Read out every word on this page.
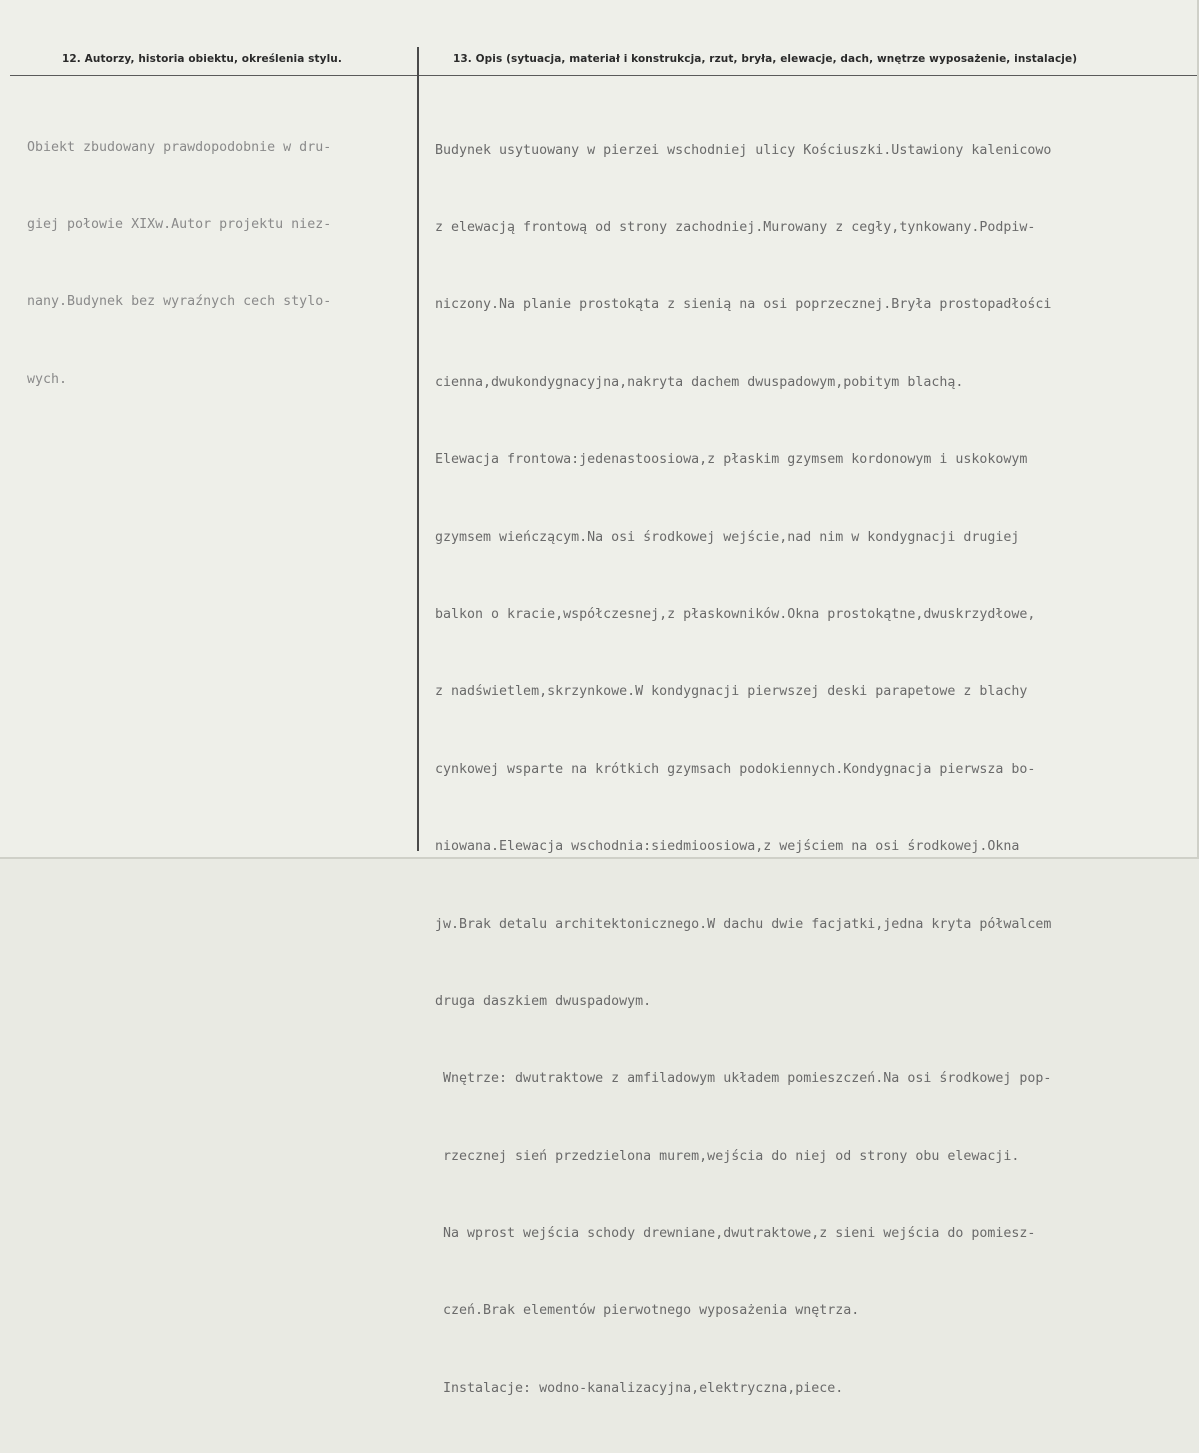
12. Autorzy, historia obiektu, określenia stylu.	13. Opis (sytuacja, materiał i konstrukcja, rzut, bryła, elewacje, dach, wnętrze wyposażenie, instalacje)

Obiekt zbudowany prawdopodobnie w dru-

giej połowie XIXw.Autor projektu niez-

nany.Budynek bez wyraźnych cech stylo-

wych.

Budynek usytuowany w pierzei wschodniej ulicy Kościuszki.Ustawiony kalenicowo

z elewacją frontową od strony zachodniej.Murowany z cegły,tynkowany.Podpiw-

niczony.Na planie prostokąta z sienią na osi poprzecznej.Bryła prostopadłości

cienna,dwukondygnacyjna,nakryta dachem dwuspadowym,pobitym blachą.

Elewacja frontowa:jedenastoosiowa,z płaskim gzymsem kordonowym i uskokowym

gzymsem wieńczącym.Na osi środkowej wejście,nad nim w kondygnacji drugiej

balkon o kracie,współczesnej,z płaskowników.Okna prostokątne,dwuskrzydłowe,

z nadświetlem,skrzynkowe.W kondygnacji pierwszej deski parapetowe z blachy

cynkowej wsparte na krótkich gzymsach podokiennych.Kondygnacja pierwsza bo-

niowana.Elewacja wschodnia:siedmioosiowa,z wejściem na osi środkowej.Okna

jw.Brak detalu architektonicznego.W dachu dwie facjatki,jedna kryta półwalcem

druga daszkiem dwuspadowym.

Wnętrze: dwutraktowe z amfiladowym układem pomieszczeń.Na osi środkowej pop-

rzecznej sień przedzielona murem,wejścia do niej od strony obu elewacji.

Na wprost wejścia schody drewniane,dwutraktowe,z sieni wejścia do pomiesz-

czeń.Brak elementów pierwotnego wyposażenia wnętrza.

Instalacje: wodno-kanalizacyjna,elektryczna,piece.
